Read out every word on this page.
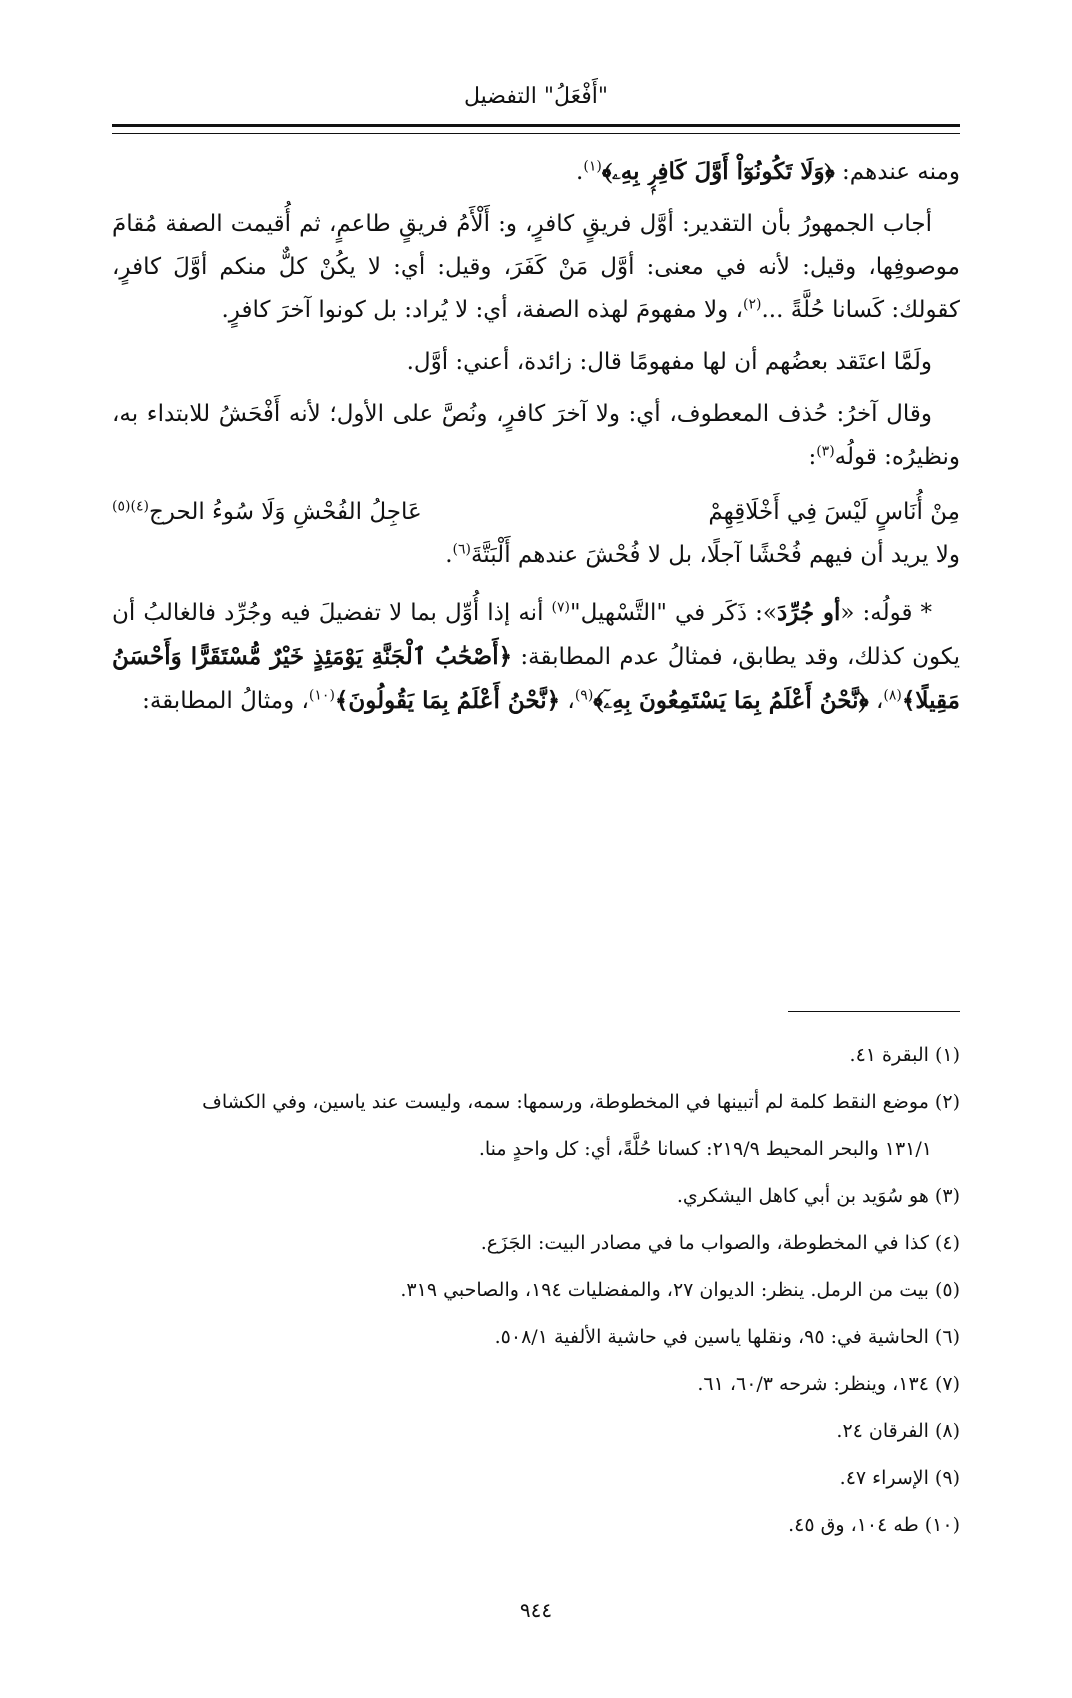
"أَفْعَلُ" التفضيل

ومنه عندهم: ﴿وَلَا تَكُونُوٓاْ أَوَّلَ كَافِرِۭ بِهِۦ﴾$^{(١)}$.

أجاب الجمهورُ بأن التقدير: أوَّل فريقٍ كافرٍ، و: أَلْأَمُ فريقٍ طاعمٍ، ثم أُقيمت الصفة مُقامَ موصوفِها، وقيل: لأنه في معنى: أوَّل مَنْ كَفَرَ، وقيل: أي: لا يكُنْ كلٌّ منكم أوَّلَ كافرٍ، كقولك: كَسانا حُلَّةً ...$^{(٢)}$، ولا مفهومَ لهذه الصفة، أي: لا يُراد: بل كونوا آخرَ كافرٍ.

ولَمَّا اعتَقد بعضُهم أن لها مفهومًا قال: زائدة، أعني: أوَّل.

وقال آخرُ: حُذف المعطوف، أي: ولا آخرَ كافرٍ، ونُصَّ على الأول؛ لأنه أَفْحَشُ للابتداء به، ونظيرُه: قولُه$^{(٣)}$:

مِنْ أُنَاسٍ لَيْسَ فِي أَخْلَاقِهِمْ
عَاجِلُ الفُحْشِ وَلَا سُوءُ الحرج$^{(٤)(٥)}$

ولا يريد أن فيهم فُحْشًا آجلًا، بل لا فُحْشَ عندهم أَلْبَتَّةَ$^{(٦)}$.

* قولُه: «أو جُرِّدَ»: ذَكَر في "التَّسْهيل"$^{(٧)}$ أنه إذا أُوِّل بما لا تفضيلَ فيه وجُرِّد فالغالبُ أن يكون كذلك، وقد يطابق، فمثالُ عدم المطابقة: ﴿أَصْحَٰبُ ٱلْجَنَّةِ يَوْمَئِذٍ خَيْرٌ مُّسْتَقَرًّا وَأَحْسَنُ مَقِيلًا﴾$^{(٨)}$، ﴿نَّحْنُ أَعْلَمُ بِمَا يَسْتَمِعُونَ بِهِۦٓ﴾$^{(٩)}$، ﴿نَّحْنُ أَعْلَمُ بِمَا يَقُولُونَ﴾$^{(١٠)}$، ومثالُ المطابقة:

(١) البقرة ٤١.

(٢) موضع النقط كلمة لم أتبينها في المخطوطة، ورسمها: سمه، وليست عند ياسين، وفي الكشاف

١٣١/١ والبحر المحيط ٢١٩/٩: كسانا حُلَّةً، أي: كل واحدٍ منا.

(٣) هو سُوَيد بن أبي كاهل اليشكري.

(٤) كذا في المخطوطة، والصواب ما في مصادر البيت: الجَزَع.

(٥) بيت من الرمل. ينظر: الديوان ٢٧، والمفضليات ١٩٤، والصاحبي ٣١٩.

(٦) الحاشية في: ٩٥، ونقلها ياسين في حاشية الألفية ٥٠٨/١.

(٧) ١٣٤، وينظر: شرحه ٦٠/٣، ٦١.

(٨) الفرقان ٢٤.

(٩) الإسراء ٤٧.

(١٠) طه ١٠٤، وق ٤٥.

٩٤٤
